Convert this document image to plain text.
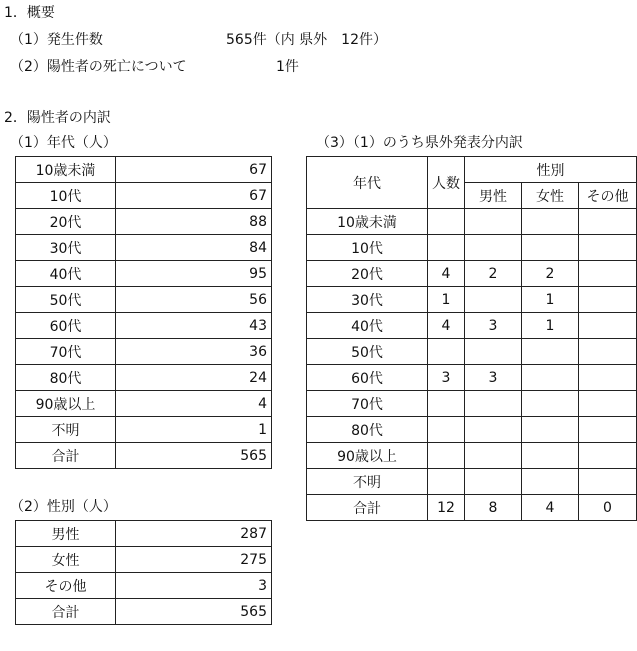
1．概要
（1）発生件数	565件（内 県外　12件）
（2）陽性者の死亡について	1件
2．陽性者の内訳
（1）年代（人）	（3）（1）のうち県外発表分内訳
（2）性別（人）
10歳未満	67
10代	67
20代	88
30代	84
40代	95
50代	56
60代	43
70代	36
80代	24
90歳以上	4
不明	1
合計	565
男性	287
女性	275
その他	3
合計	565
年代	人数	性別		
		男性	女性	その他
10歳未満				
10代				
20代	4	2	2	
30代	1		1	
40代	4	3	1	
50代				
60代	3	3		
70代				
80代				
90歳以上				
不明				
合計	12	8	4	0
